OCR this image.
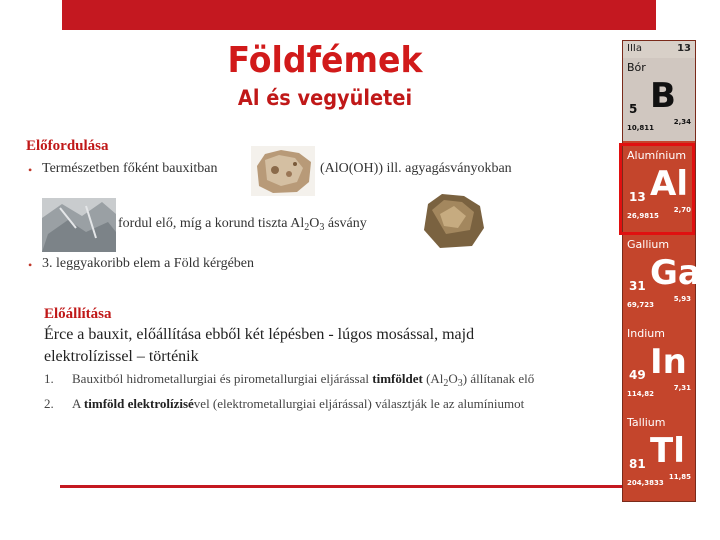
Földfémek
Al és vegyületei
Előfordulása
• Természetben főként bauxitban	(AlO(OH)) ill. agyagásványokban
fordul elő, míg a korund tiszta $Al_2O_3$ ásvány
• 3. leggyakoribb elem a Föld kérgében
Előállítása
Érce a bauxit, előállítása ebből két lépésben - lúgos mosással, majd elektrolízissel – történik
1. Bauxitból hidrometallurgiai és pirometallurgiai eljárással timföldet $(Al_2O_3)$ állítanak elő
2. A timföld elektrolízisével (elektrometallurgiai eljárással) választják le az alumíniumot
IIIa	13
Bór
B
5
10,811
2,34
Alumínium
Al
13
26,9815
2,70
Gallium
Ga
31
69,723
5,93
Indium
In
49
114,82
7,31
Tallium
Tl
81
204,3833
11,85
